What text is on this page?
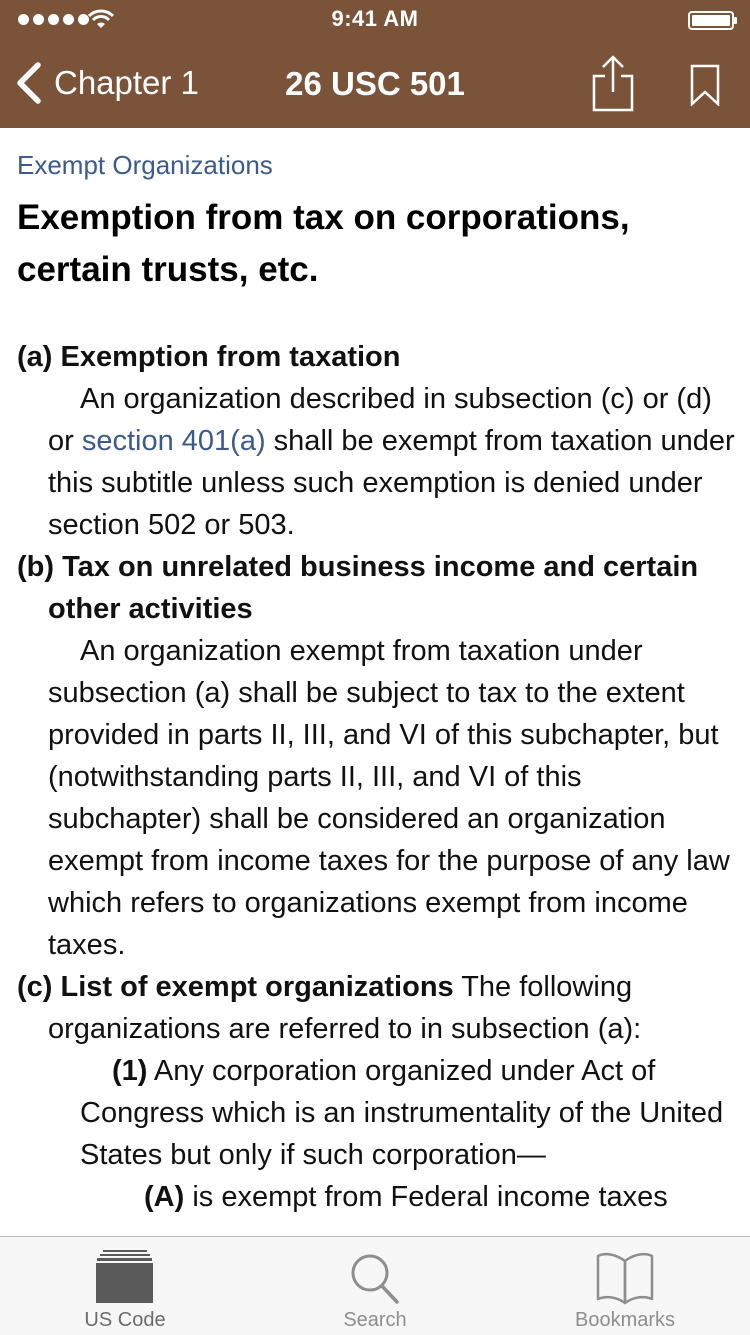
9:41 AM
Chapter 1	26 USC 501
Exempt Organizations
Exemption from tax on corporations,
certain trusts, etc.
(a) Exemption from taxation
An organization described in subsection (c) or (d) or section 401(a) shall be exempt from taxation under this subtitle unless such exemption is denied under section 502 or 503.
(b) Tax on unrelated business income and certain other activities
An organization exempt from taxation under subsection (a) shall be subject to tax to the extent provided in parts II, III, and VI of this subchapter, but (notwithstanding parts II, III, and VI of this subchapter) shall be considered an organization exempt from income taxes for the purpose of any law which refers to organizations exempt from income taxes.
(c) List of exempt organizations The following organizations are referred to in subsection (a):
(1) Any corporation organized under Act of Congress which is an instrumentality of the United States but only if such corporation—
(A) is exempt from Federal income taxes
US Code	Search	Bookmarks
